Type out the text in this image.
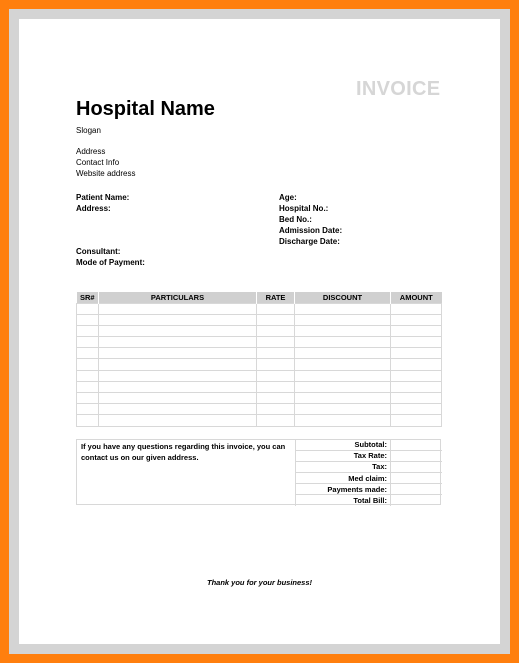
INVOICE
Hospital Name
Slogan
Address
Contact Info
Website address
Patient Name:
Address:
Age:
Hospital No.:
Bed No.:
Admission Date:
Discharge Date:
Consultant:
Mode of Payment:
SR#	PARTICULARS	RATE	DISCOUNT	AMOUNT

If you have any questions regarding this invoice, you can contact us on our given address.
Subtotal:	
Tax Rate:	
Tax:	
Med claim:	
Payments made:	
Total Bill:	
Thank you for your business!
